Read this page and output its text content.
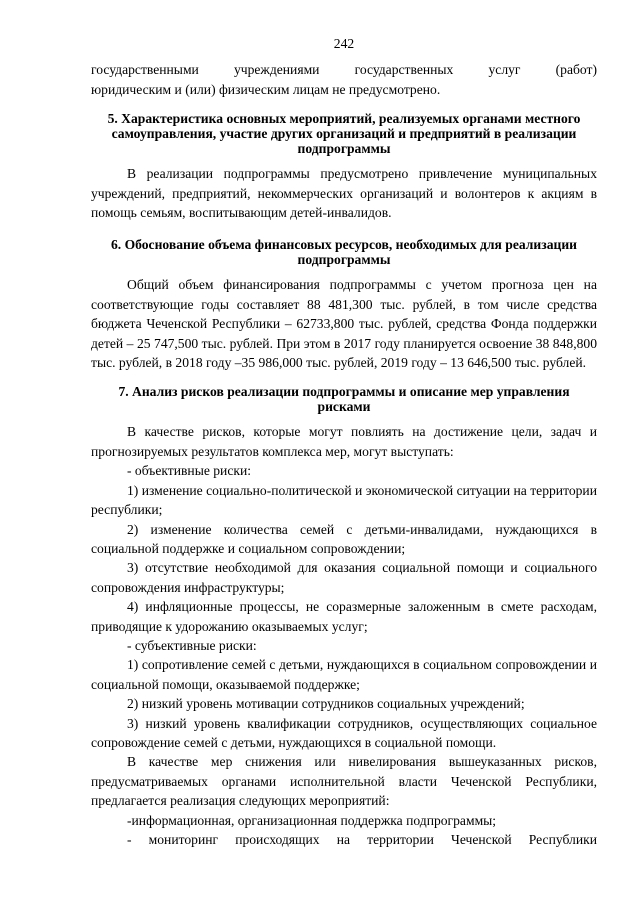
242

государственными учреждениями государственных услуг (работ)

юридическим и (или) физическим лицам не предусмотрено.

5. Характеристика основных мероприятий, реализуемых органами местного самоуправления, участие других организаций и предприятий в реализации подпрограммы

В реализации подпрограммы предусмотрено привлечение муниципальных учреждений, предприятий, некоммерческих организаций и волонтеров к акциям в помощь семьям, воспитывающим детей-инвалидов.

6. Обоснование объема финансовых ресурсов, необходимых для реализации подпрограммы

Общий объем финансирования подпрограммы с учетом прогноза цен на соответствующие годы составляет 88 481,300 тыс. рублей, в том числе средства бюджета Чеченской Республики – 62733,800 тыс. рублей, средства Фонда поддержки детей – 25 747,500 тыс. рублей. При этом в 2017 году планируется освоение 38 848,800 тыс. рублей, в 2018 году –35 986,000 тыс. рублей, 2019 году – 13 646,500 тыс. рублей.

7. Анализ рисков реализации подпрограммы и описание мер управления рисками

В качестве рисков, которые могут повлиять на достижение цели, задач и прогнозируемых результатов комплекса мер, могут выступать:

- объективные риски:

1) изменение социально-политической и экономической ситуации на территории республики;

2) изменение количества семей с детьми-инвалидами, нуждающихся в социальной поддержке и социальном сопровождении;

3) отсутствие необходимой для оказания социальной помощи и социального сопровождения инфраструктуры;

4) инфляционные процессы, не соразмерные заложенным в смете расходам, приводящие к удорожанию оказываемых услуг;

- субъективные риски:

1) сопротивление семей с детьми, нуждающихся в социальном сопровождении и социальной помощи, оказываемой поддержке;

2) низкий уровень мотивации сотрудников социальных учреждений;

3) низкий уровень квалификации сотрудников, осуществляющих социальное сопровождение семей с детьми, нуждающихся в социальной помощи.

В качестве мер снижения или нивелирования вышеуказанных рисков, предусматриваемых органами исполнительной власти Чеченской Республики, предлагается реализация следующих мероприятий:

-информационная, организационная поддержка подпрограммы;

- мониторинг происходящих на территории Чеченской Республики
